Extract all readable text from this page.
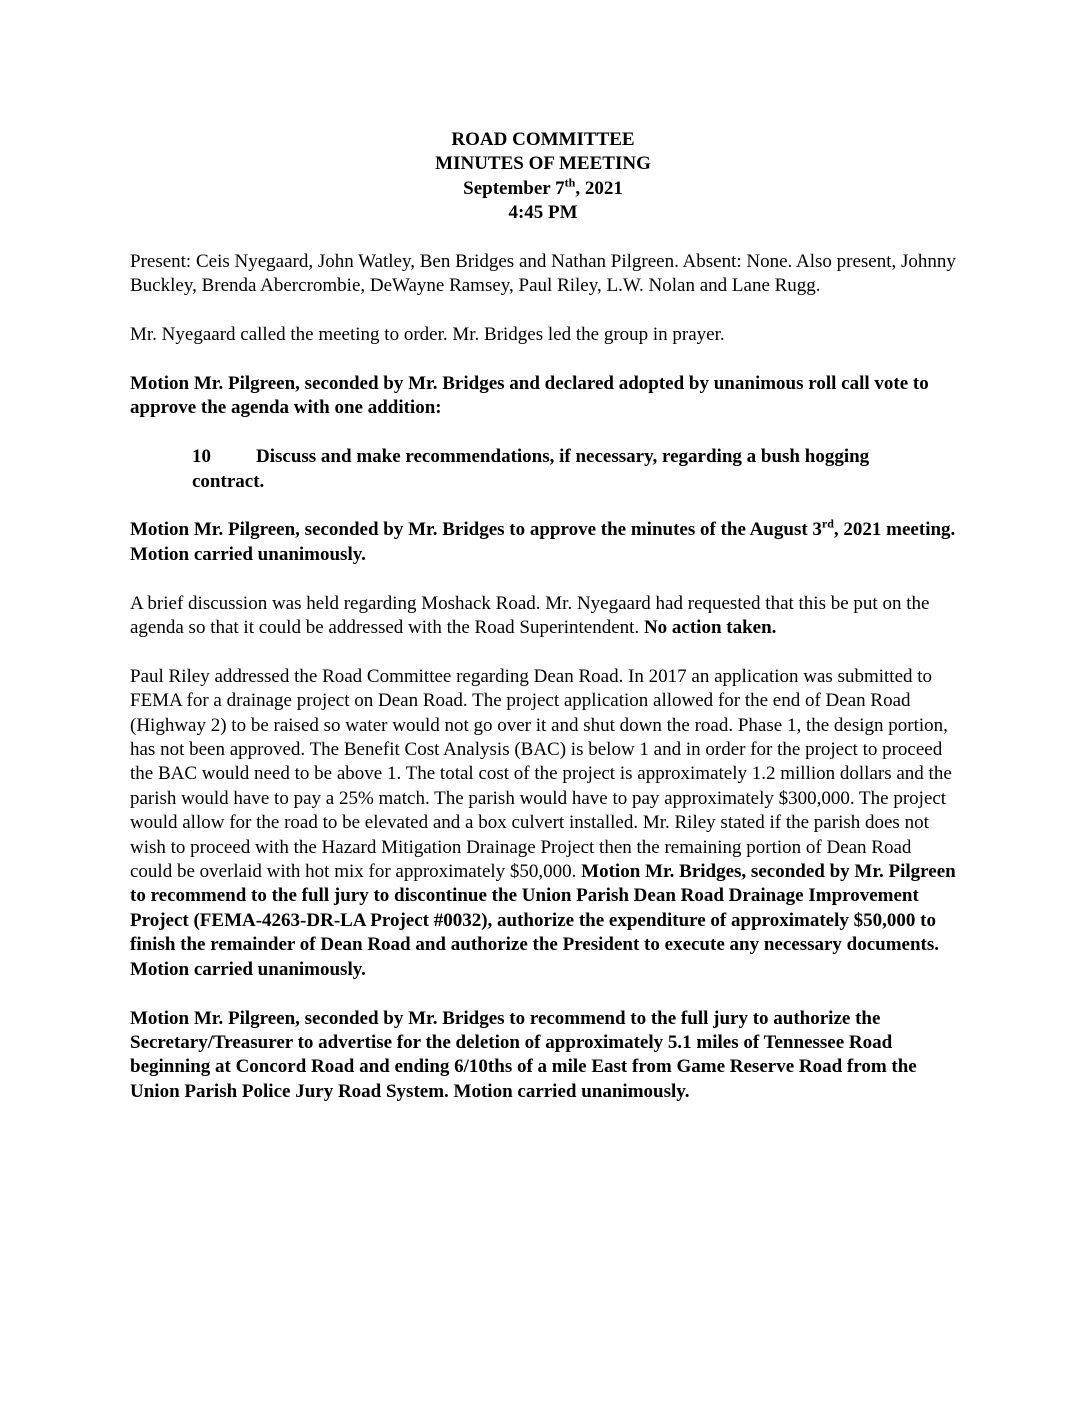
ROAD COMMITTEE
MINUTES OF MEETING
September 7th, 2021
4:45 PM

Present: Ceis Nyegaard, John Watley, Ben Bridges and Nathan Pilgreen. Absent: None. Also present, Johnny Buckley, Brenda Abercrombie, DeWayne Ramsey, Paul Riley, L.W. Nolan and Lane Rugg.

Mr. Nyegaard called the meeting to order. Mr. Bridges led the group in prayer.

Motion Mr. Pilgreen, seconded by Mr. Bridges and declared adopted by unanimous roll call vote to approve the agenda with one addition:

10 Discuss and make recommendations, if necessary, regarding a bush hogging contract.

Motion Mr. Pilgreen, seconded by Mr. Bridges to approve the minutes of the August 3rd, 2021 meeting. Motion carried unanimously.

A brief discussion was held regarding Moshack Road. Mr. Nyegaard had requested that this be put on the agenda so that it could be addressed with the Road Superintendent. No action taken.

Paul Riley addressed the Road Committee regarding Dean Road. In 2017 an application was submitted to FEMA for a drainage project on Dean Road. The project application allowed for the end of Dean Road (Highway 2) to be raised so water would not go over it and shut down the road. Phase 1, the design portion, has not been approved. The Benefit Cost Analysis (BAC) is below 1 and in order for the project to proceed the BAC would need to be above 1. The total cost of the project is approximately 1.2 million dollars and the parish would have to pay a 25% match. The parish would have to pay approximately $300,000. The project would allow for the road to be elevated and a box culvert installed. Mr. Riley stated if the parish does not wish to proceed with the Hazard Mitigation Drainage Project then the remaining portion of Dean Road could be overlaid with hot mix for approximately $50,000. Motion Mr. Bridges, seconded by Mr. Pilgreen to recommend to the full jury to discontinue the Union Parish Dean Road Drainage Improvement Project (FEMA-4263-DR-LA Project #0032), authorize the expenditure of approximately $50,000 to finish the remainder of Dean Road and authorize the President to execute any necessary documents. Motion carried unanimously.

Motion Mr. Pilgreen, seconded by Mr. Bridges to recommend to the full jury to authorize the Secretary/Treasurer to advertise for the deletion of approximately 5.1 miles of Tennessee Road beginning at Concord Road and ending 6/10ths of a mile East from Game Reserve Road from the Union Parish Police Jury Road System. Motion carried unanimously.
